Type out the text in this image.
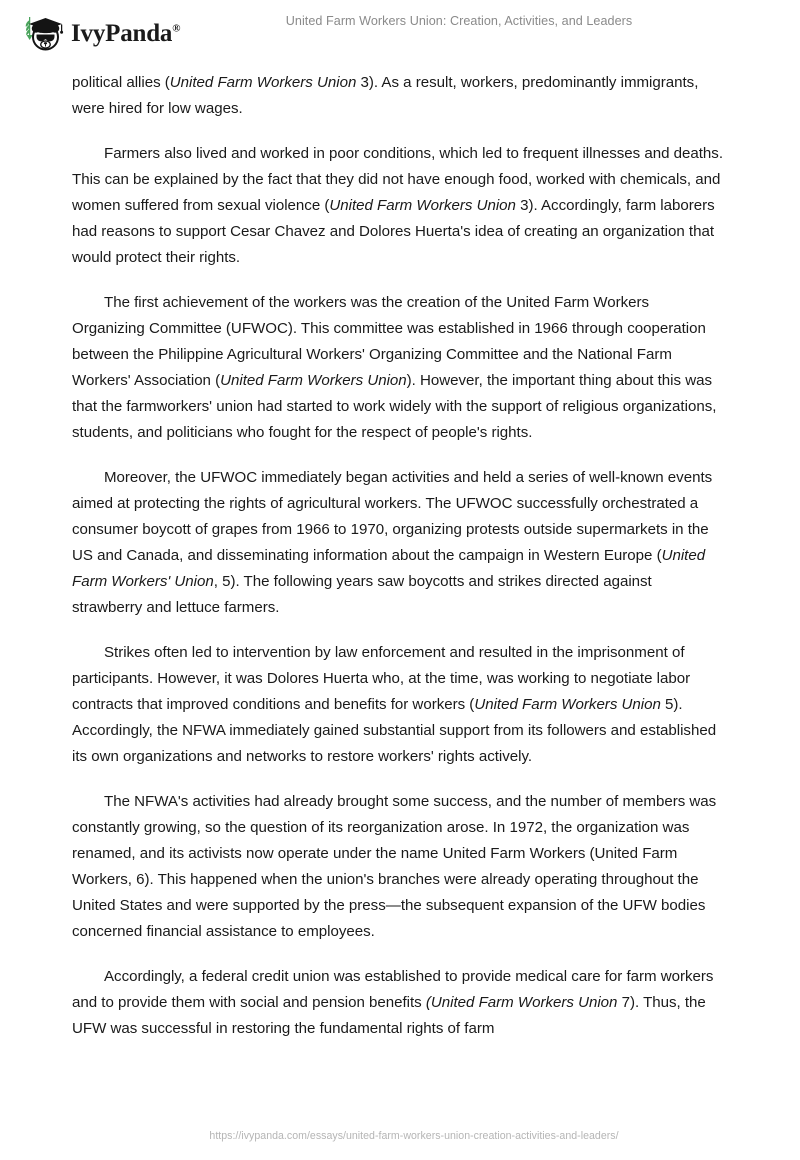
IvyPanda®
United Farm Workers Union: Creation, Activities, and Leaders

political allies (United Farm Workers Union 3). As a result, workers, predominantly immigrants, were hired for low wages.

Farmers also lived and worked in poor conditions, which led to frequent illnesses and deaths. This can be explained by the fact that they did not have enough food, worked with chemicals, and women suffered from sexual violence (United Farm Workers Union 3). Accordingly, farm laborers had reasons to support Cesar Chavez and Dolores Huerta's idea of creating an organization that would protect their rights.

The first achievement of the workers was the creation of the United Farm Workers Organizing Committee (UFWOC). This committee was established in 1966 through cooperation between the Philippine Agricultural Workers' Organizing Committee and the National Farm Workers' Association (United Farm Workers Union). However, the important thing about this was that the farmworkers' union had started to work widely with the support of religious organizations, students, and politicians who fought for the respect of people's rights.

Moreover, the UFWOC immediately began activities and held a series of well-known events aimed at protecting the rights of agricultural workers. The UFWOC successfully orchestrated a consumer boycott of grapes from 1966 to 1970, organizing protests outside supermarkets in the US and Canada, and disseminating information about the campaign in Western Europe (United Farm Workers' Union, 5). The following years saw boycotts and strikes directed against strawberry and lettuce farmers.

Strikes often led to intervention by law enforcement and resulted in the imprisonment of participants. However, it was Dolores Huerta who, at the time, was working to negotiate labor contracts that improved conditions and benefits for workers (United Farm Workers Union 5). Accordingly, the NFWA immediately gained substantial support from its followers and established its own organizations and networks to restore workers' rights actively.

The NFWA's activities had already brought some success, and the number of members was constantly growing, so the question of its reorganization arose. In 1972, the organization was renamed, and its activists now operate under the name United Farm Workers (United Farm Workers, 6). This happened when the union's branches were already operating throughout the United States and were supported by the press—the subsequent expansion of the UFW bodies concerned financial assistance to employees.

Accordingly, a federal credit union was established to provide medical care for farm workers and to provide them with social and pension benefits (United Farm Workers Union 7). Thus, the UFW was successful in restoring the fundamental rights of farm

https://ivypanda.com/essays/united-farm-workers-union-creation-activities-and-leaders/
